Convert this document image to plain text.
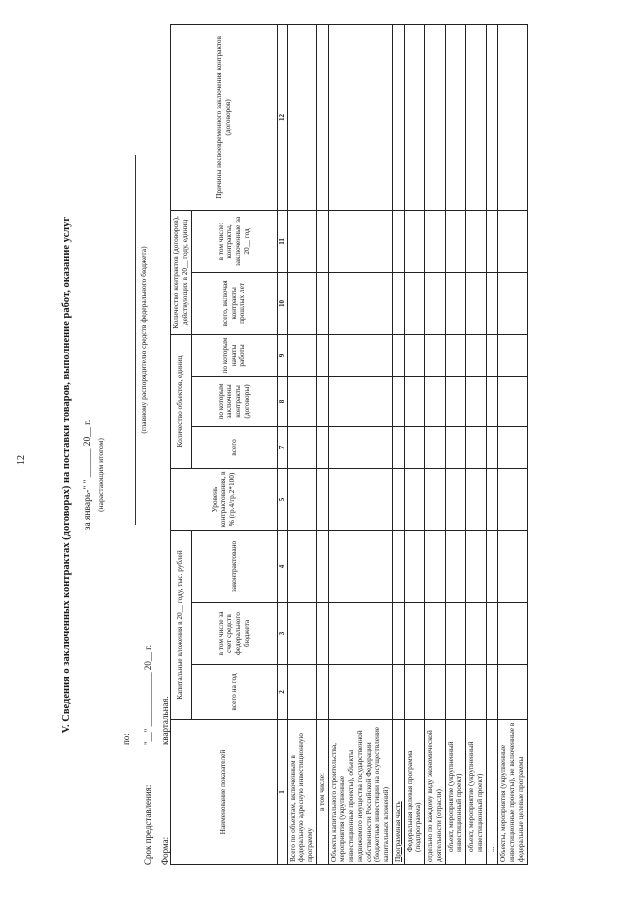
12	V. Сведения о заключенных контрактах (договорах) на поставки товаров, выполнение работ, оказание услуг за январь-" " ______ 20__ г. (нарастающим итогом)
по:
(главному распорядителю средств федерального бюджета)
Срок представления:
"__" ____________ 20__ г.
Форма:
квартальная.
Наименование показателей	Капитальные вложения в 20__ году, тыс. рублей			Уровень контрактования, в % (гр.4/гр.2*100)	Количество объектов, единиц			Количество контрактов (договоров), действующих в 20__ году, единиц		Причины несвоевременного заключения контрактов (договоров)
	всего на год	в том числе за счет средств федерального бюджета	законтрактовано		всего	по которым заключены контракты (договоры)	по которым начаты работы	всего, включая контракты прошлых лет	в том числе: контракты, заключенные за 20__ год	
1	2	3	4	5	7	8	9	10	11	12
Всего по объектам, включенным в федеральную адресную инвестиционную программу										
в том числе:										
Объекты капитального строительства, мероприятия (укрупненные инвестиционные проекты), объекты недвижимого имущества государственной собственности Российской Федерации (бюджетные инвестиции на осуществление капитальных вложений)										
Программная часть										
Федеральная целевая программа (подпрограмма)										
отдельно по каждому виду экономической деятельности (отрасли)										
объект, мероприятие (укрупненный инвестиционный проект)										
объект, мероприятие (укрупненный инвестиционный проект)										
...										
Объекты, мероприятия (укрупненные инвестиционные проекты), не включенные в федеральные целевые программы										
